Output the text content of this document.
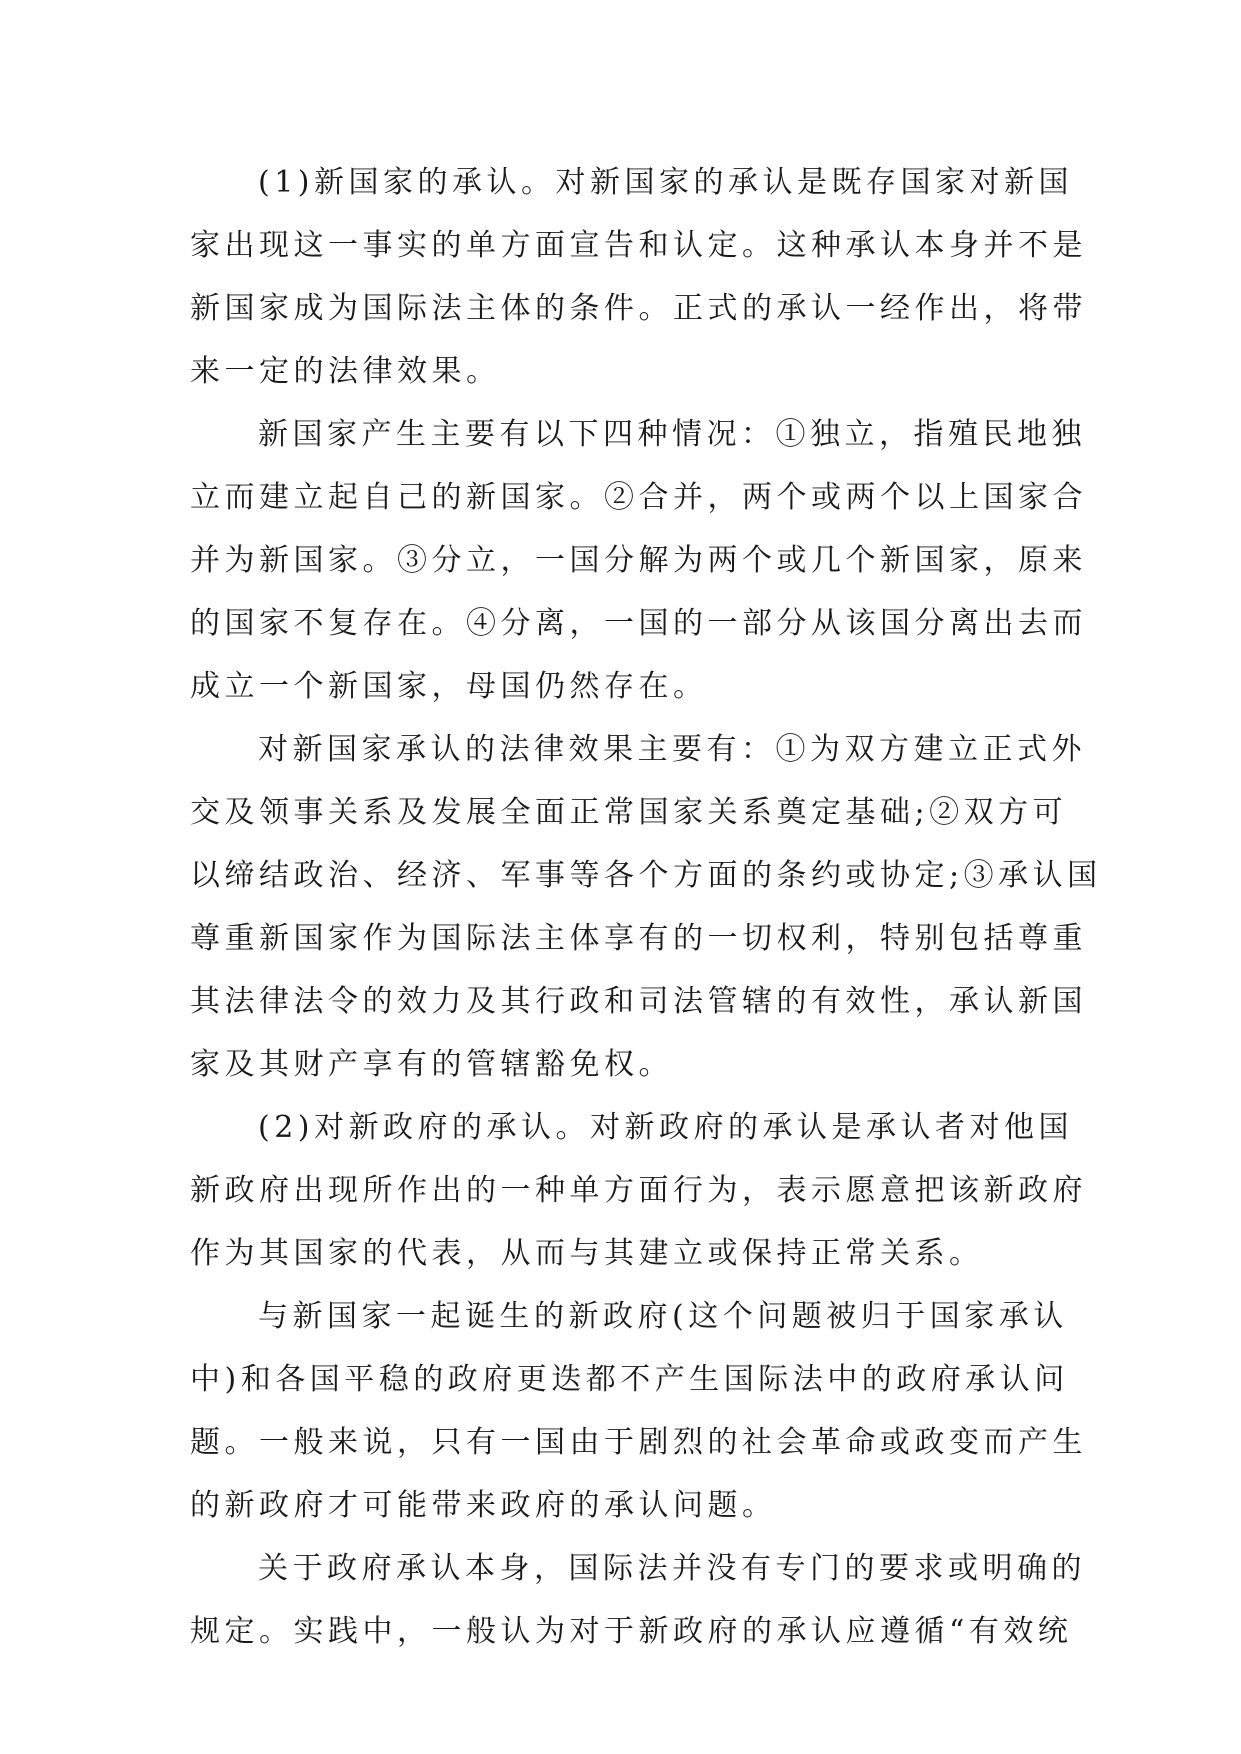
(1)新国家的承认。对新国家的承认是既存国家对新国
家出现这一事实的单方面宣告和认定。这种承认本身并不是
新国家成为国际法主体的条件。正式的承认一经作出，将带
来一定的法律效果。
新国家产生主要有以下四种情况：①独立，指殖民地独
立而建立起自己的新国家。②合并，两个或两个以上国家合
并为新国家。③分立，一国分解为两个或几个新国家，原来
的国家不复存在。④分离，一国的一部分从该国分离出去而
成立一个新国家，母国仍然存在。
对新国家承认的法律效果主要有：①为双方建立正式外
交及领事关系及发展全面正常国家关系奠定基础;②双方可
以缔结政治、经济、军事等各个方面的条约或协定;③承认国
尊重新国家作为国际法主体享有的一切权利，特别包括尊重
其法律法令的效力及其行政和司法管辖的有效性，承认新国
家及其财产享有的管辖豁免权。
(2)对新政府的承认。对新政府的承认是承认者对他国
新政府出现所作出的一种单方面行为，表示愿意把该新政府
作为其国家的代表，从而与其建立或保持正常关系。
与新国家一起诞生的新政府(这个问题被归于国家承认
中)和各国平稳的政府更迭都不产生国际法中的政府承认问
题。一般来说，只有一国由于剧烈的社会革命或政变而产生
的新政府才可能带来政府的承认问题。
关于政府承认本身，国际法并没有专门的要求或明确的
规定。实践中，一般认为对于新政府的承认应遵循“有效统
